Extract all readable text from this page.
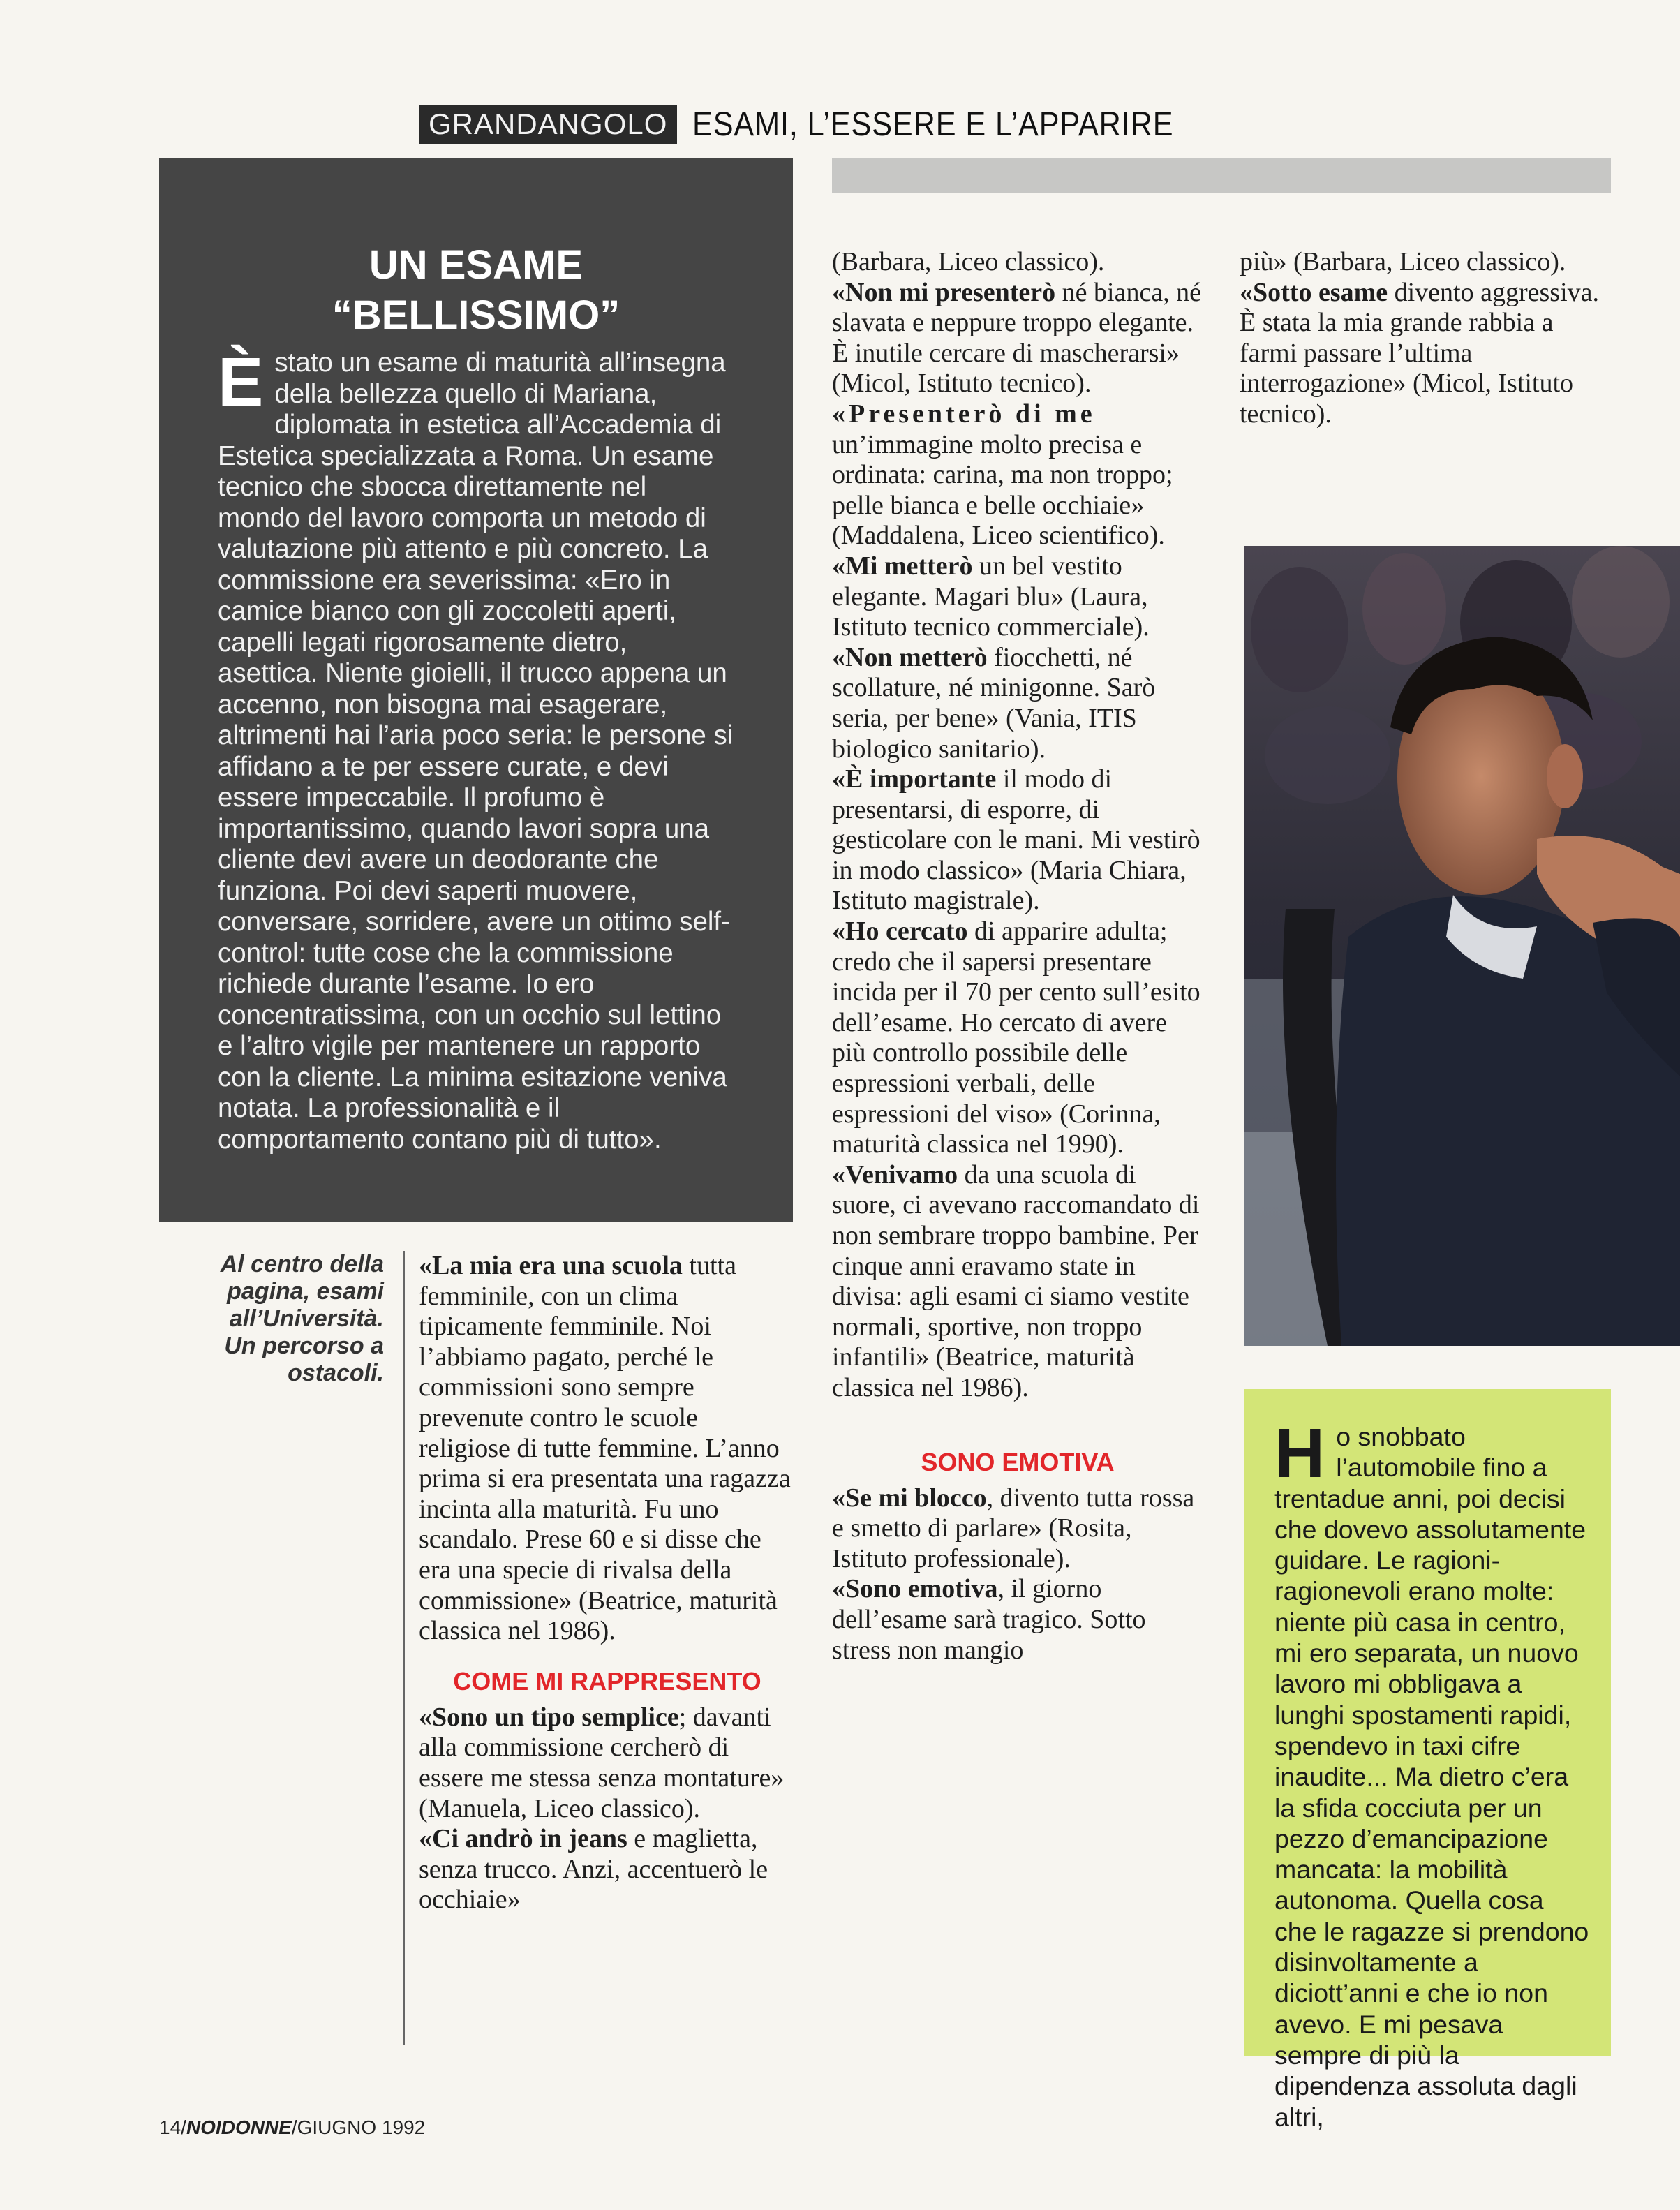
GRANDANGOLO ESAMI, L’ESSERE E L’APPARIRE
UN ESAME
“BELLISSIMO”

È stato un esame di maturità all’insegna della bellezza quello di Mariana, diplomata in estetica all’Accademia di Estetica specializzata a Roma. Un esame tecnico che sbocca direttamente nel mondo del lavoro comporta un metodo di valutazione più attento e più concreto. La commissione era severissima: «Ero in camice bianco con gli zoccoletti aperti, capelli legati rigorosamente dietro, asettica. Niente gioielli, il trucco appena un accenno, non bisogna mai esagerare, altrimenti hai l’aria poco seria: le persone si affidano a te per essere curate, e devi essere impeccabile. Il profumo è importantissimo, quando lavori sopra una cliente devi avere un deodorante che funziona. Poi devi saperti muovere, conversare, sorridere, avere un ottimo self-control: tutte cose che la commissione richiede durante l’esame. Io ero concentratissima, con un occhio sul lettino e l’altro vigile per mantenere un rapporto con la cliente. La minima esitazione veniva notata. La professionalità e il comportamento contano più di tutto».

Al centro della pagina, esami all’Università. Un percorso a ostacoli.

«La mia era una scuola tutta femminile, con un clima tipicamente femminile. Noi l’abbiamo pagato, perché le commissioni sono sempre prevenute contro le scuole religiose di tutte femmine. L’anno prima si era presentata una ragazza incinta alla maturità. Fu uno scandalo. Prese 60 e si disse che era una specie di rivalsa della commissione» (Beatrice, maturità classica nel 1986).

COME MI RAPPRESENTO

«Sono un tipo semplice; davanti alla commissione cercherò di essere me stessa senza montature» (Manuela, Liceo classico).

«Ci andrò in jeans e maglietta, senza trucco. Anzi, accentuerò le occhiaie»

(Barbara, Liceo classico).

«Non mi presenterò né bianca, né slavata e neppure troppo elegante. È inutile cercare di mascherarsi» (Micol, Istituto tecnico).

«Presenterò di me un’immagine molto precisa e ordinata: carina, ma non troppo; pelle bianca e belle occhiaie» (Maddalena, Liceo scientifico).

«Mi metterò un bel vestito elegante. Magari blu» (Laura, Istituto tecnico commerciale).

«Non metterò fiocchetti, né scollature, né minigonne. Sarò seria, per bene» (Vania, ITIS biologico sanitario).

«È importante il modo di presentarsi, di esporre, di gesticolare con le mani. Mi vestirò in modo classico» (Maria Chiara, Istituto magistrale).

«Ho cercato di apparire adulta; credo che il sapersi presentare incida per il 70 per cento sull’esito dell’esame. Ho cercato di avere più controllo possibile delle espressioni verbali, delle espressioni del viso» (Corinna, maturità classica nel 1990).

«Venivamo da una scuola di suore, ci avevano raccomandato di non sembrare troppo bambine. Per cinque anni eravamo state in divisa: agli esami ci siamo vestite normali, sportive, non troppo infantili» (Beatrice, maturità classica nel 1986).

SONO EMOTIVA

«Se mi blocco, divento tutta rossa e smetto di parlare» (Rosita, Istituto professionale).

«Sono emotiva, il giorno dell’esame sarà tragico. Sotto stress non mangio

più» (Barbara, Liceo classico).

«Sotto esame divento aggressiva. È stata la mia grande rabbia a farmi passare l’ultima interrogazione» (Micol, Istituto tecnico).

Ho snobbato l’automobile fino a trentadue anni, poi decisi che dovevo assolutamente guidare. Le ragioni-ragionevoli erano molte: niente più casa in centro, mi ero separata, un nuovo lavoro mi obbligava a lunghi spostamenti rapidi, spendevo in taxi cifre inaudite... Ma dietro c’era la sfida cocciuta per un pezzo d’emancipazione mancata: la mobilità autonoma. Quella cosa che le ragazze si prendono disinvoltamente a diciott’anni e che io non avevo. E mi pesava sempre di più la dipendenza assoluta dagli altri,

14/NOIDONNE/GIUGNO 1992
